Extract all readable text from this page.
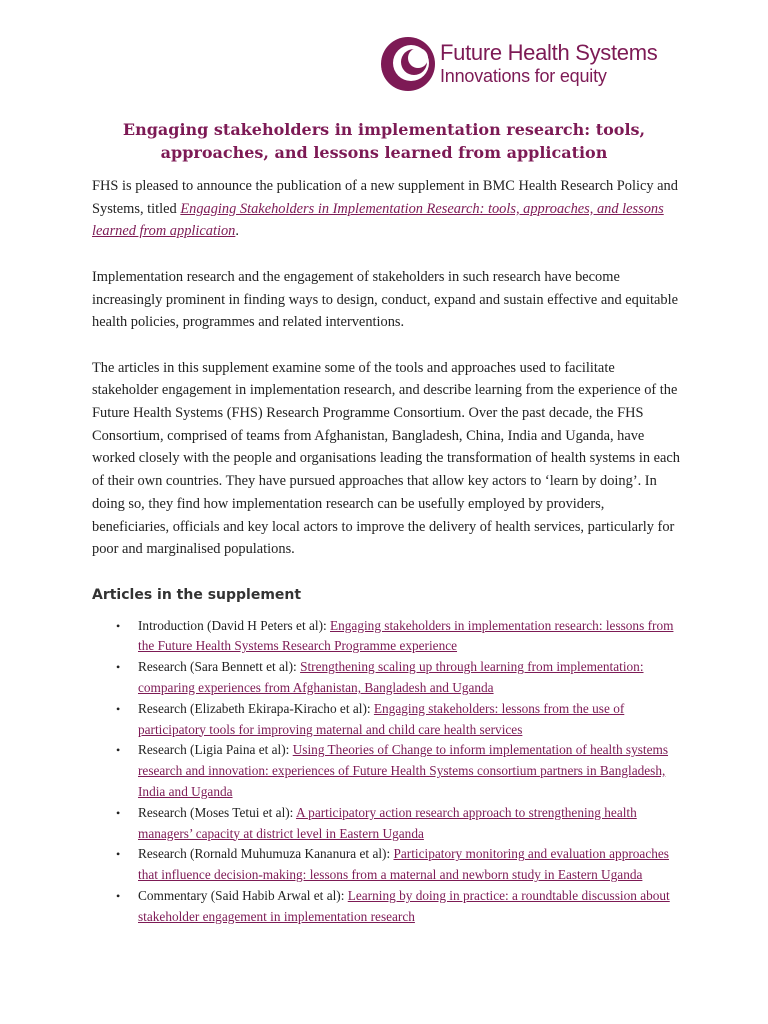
Future Health Systems
Innovations for equity
Engaging stakeholders in implementation research: tools, approaches, and lessons learned from application

FHS is pleased to announce the publication of a new supplement in BMC Health Research Policy and Systems, titled Engaging Stakeholders in Implementation Research: tools, approaches, and lessons learned from application.

Implementation research and the engagement of stakeholders in such research have become increasingly prominent in finding ways to design, conduct, expand and sustain effective and equitable health policies, programmes and related interventions.

The articles in this supplement examine some of the tools and approaches used to facilitate stakeholder engagement in implementation research, and describe learning from the experience of the Future Health Systems (FHS) Research Programme Consortium. Over the past decade, the FHS Consortium, comprised of teams from Afghanistan, Bangladesh, China, India and Uganda, have worked closely with the people and organisations leading the transformation of health systems in each of their own countries. They have pursued approaches that allow key actors to ‘learn by doing’. In doing so, they find how implementation research can be usefully employed by providers, beneficiaries, officials and key local actors to improve the delivery of health services, particularly for poor and marginalised populations.

Articles in the supplement
• Introduction (David H Peters et al): Engaging stakeholders in implementation research: lessons from the Future Health Systems Research Programme experience
• Research (Sara Bennett et al): Strengthening scaling up through learning from implementation: comparing experiences from Afghanistan, Bangladesh and Uganda
• Research (Elizabeth Ekirapa-Kiracho et al): Engaging stakeholders: lessons from the use of participatory tools for improving maternal and child care health services
• Research (Ligia Paina et al): Using Theories of Change to inform implementation of health systems research and innovation: experiences of Future Health Systems consortium partners in Bangladesh, India and Uganda
• Research (Moses Tetui et al): A participatory action research approach to strengthening health managers’ capacity at district level in Eastern Uganda
• Research (Rornald Muhumuza Kananura et al): Participatory monitoring and evaluation approaches that influence decision-making: lessons from a maternal and newborn study in Eastern Uganda
• Commentary (Said Habib Arwal et al): Learning by doing in practice: a roundtable discussion about stakeholder engagement in implementation research
